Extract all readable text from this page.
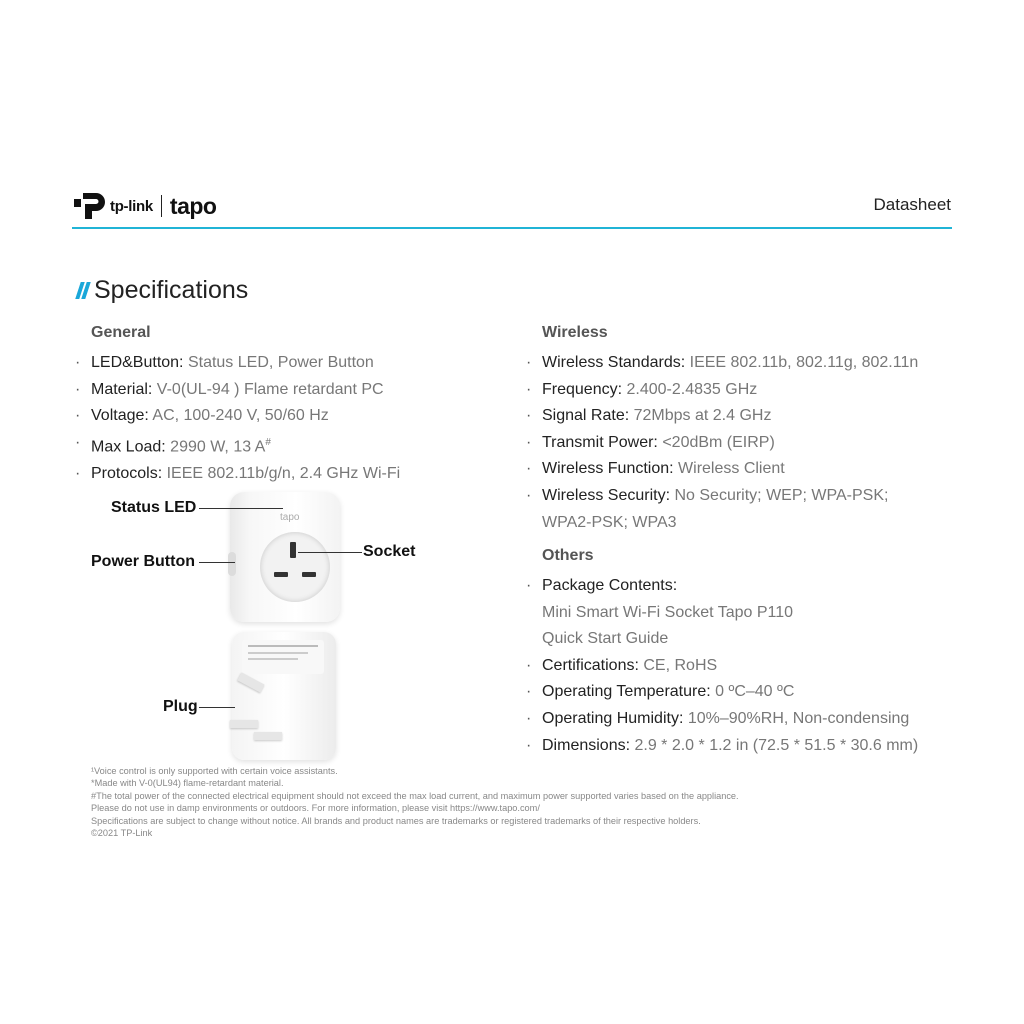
tp-link tapo	Datasheet
Specifications
General
· LED&Button: Status LED, Power Button
· Material: V-0(UL-94 ) Flame retardant PC
· Voltage: AC, 100-240 V, 50/60 Hz
· Max Load: 2990 W, 13 A#
· Protocols: IEEE 802.11b/g/n, 2.4 GHz Wi-Fi
Wireless
· Wireless Standards: IEEE 802.11b, 802.11g, 802.11n
· Frequency: 2.400-2.4835 GHz
· Signal Rate: 72Mbps at 2.4 GHz
· Transmit Power: <20dBm (EIRP)
· Wireless Function: Wireless Client
· Wireless Security: No Security; WEP; WPA-PSK;
WPA2-PSK; WPA3
Others
· Package Contents:
Mini Smart Wi-Fi Socket Tapo P110
Quick Start Guide
· Certifications: CE, RoHS
· Operating Temperature: 0 ºC–40 ºC
· Operating Humidity: 10%–90%RH, Non-condensing
· Dimensions: 2.9 * 2.0 * 1.2 in (72.5 * 51.5 * 30.6 mm)
tapo
Status LED
Power Button
Socket
Plug
¹Voice control is only supported with certain voice assistants.
*Made with V-0(UL94) flame-retardant material.
#The total power of the connected electrical equipment should not exceed the max load current, and maximum power supported varies based on the appliance.
Please do not use in damp environments or outdoors. For more information, please visit https://www.tapo.com/
Specifications are subject to change without notice. All brands and product names are trademarks or registered trademarks of their respective holders.
©2021 TP-Link
